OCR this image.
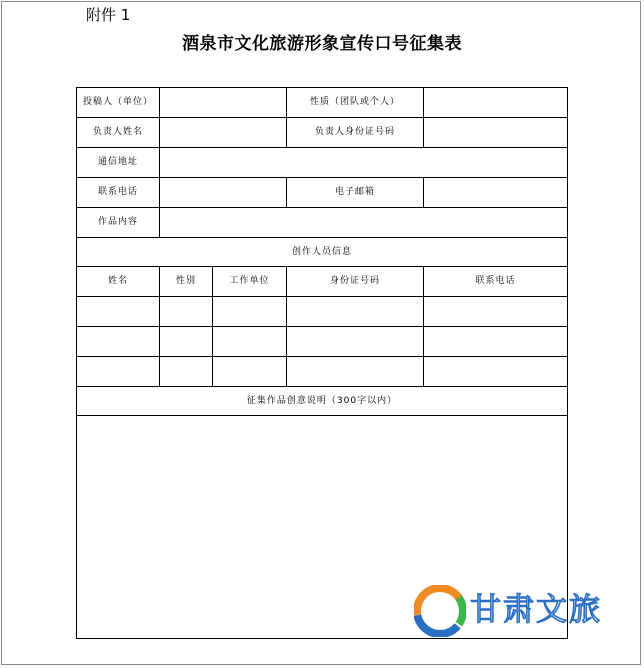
附件 1
酒泉市文化旅游形象宣传口号征集表
投稿人（单位）			性质（团队或个人）	
负责人姓名			负责人身份证号码	
通信地址				
联系电话			电子邮箱	
作品内容				
创作人员信息				
姓名	性别	工作单位	身份证号码	联系电话

征集作品创意说明（300字以内）				

甘肃文旅
